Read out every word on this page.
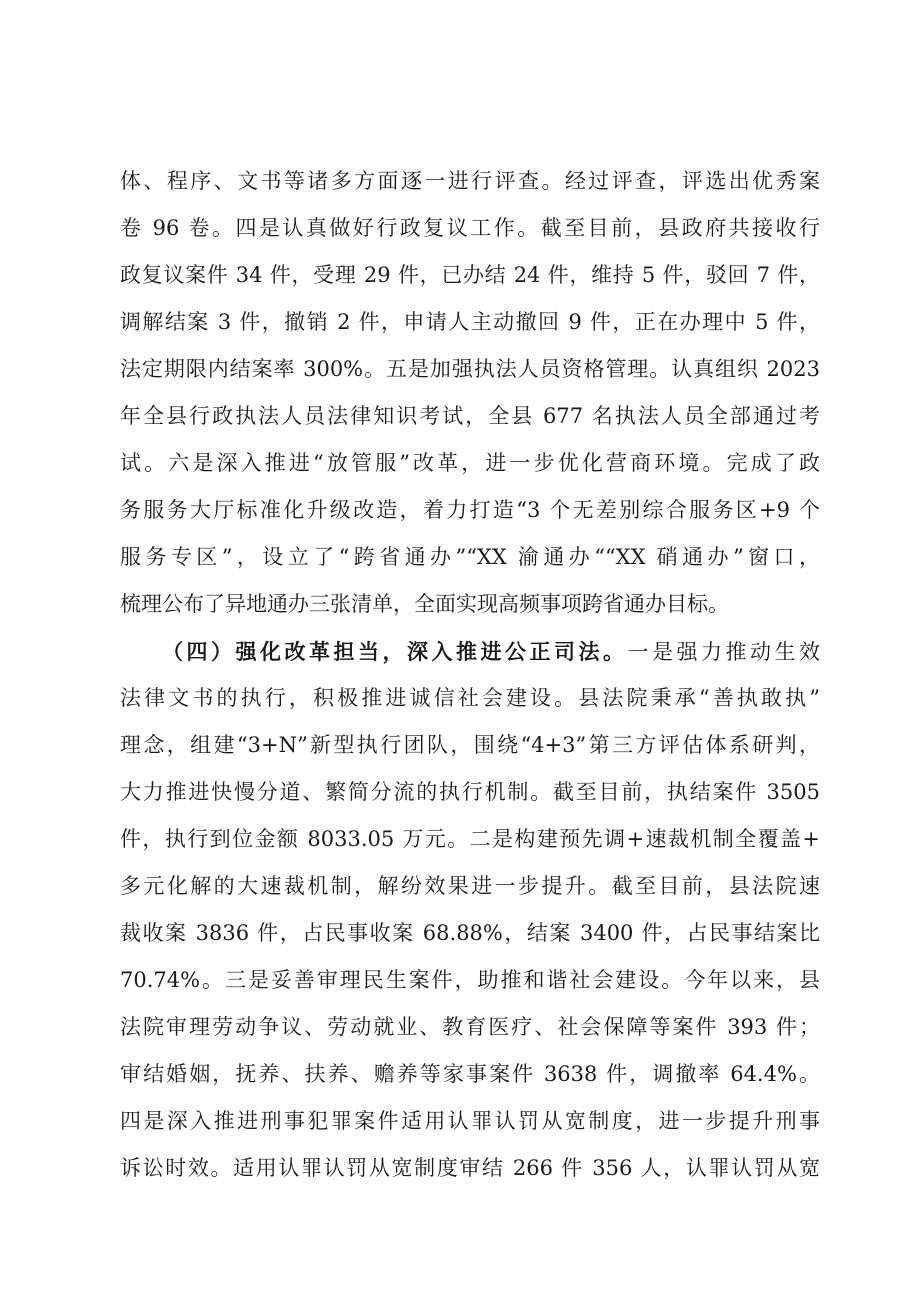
体、程序、文书等诸多方面逐一进行评查。经过评查，评选出优秀案
卷 96 卷。四是认真做好行政复议工作。截至目前，县政府共接收行
政复议案件 34 件，受理 29 件，已办结 24 件，维持 5 件，驳回 7 件，
调解结案 3 件，撤销 2 件，申请人主动撤回 9 件，正在办理中 5 件，
法定期限内结案率 300%。五是加强执法人员资格管理。认真组织 2023
年全县行政执法人员法律知识考试，全县 677 名执法人员全部通过考
试。六是深入推进“放管服”改革，进一步优化营商环境。完成了政
务服务大厅标准化升级改造，着力打造“3 个无差别综合服务区+9 个
服务专区”，设立了“跨省通办”“XX 渝通办““XX 硝通办”窗口，
梳理公布了异地通办三张清单，全面实现高频事项跨省通办目标。
（四）强化改革担当，深入推进公正司法。一是强力推动生效
法律文书的执行，积极推进诚信社会建设。县法院秉承“善执敢执”
理念，组建“3+N”新型执行团队，围绕“4+3”第三方评估体系研判，
大力推进快慢分道、繁简分流的执行机制。截至目前，执结案件 3505
件，执行到位金额 8033.05 万元。二是构建预先调+速裁机制全覆盖+
多元化解的大速裁机制，解纷效果进一步提升。截至目前，县法院速
裁收案 3836 件，占民事收案 68.88%，结案 3400 件，占民事结案比
70.74%。三是妥善审理民生案件，助推和谐社会建设。今年以来，县
法院审理劳动争议、劳动就业、教育医疗、社会保障等案件 393 件；
审结婚姻，抚养、扶养、赡养等家事案件 3638 件，调撤率 64.4%。
四是深入推进刑事犯罪案件适用认罪认罚从宽制度，进一步提升刑事
诉讼时效。适用认罪认罚从宽制度审结 266 件 356 人，认罪认罚从宽
